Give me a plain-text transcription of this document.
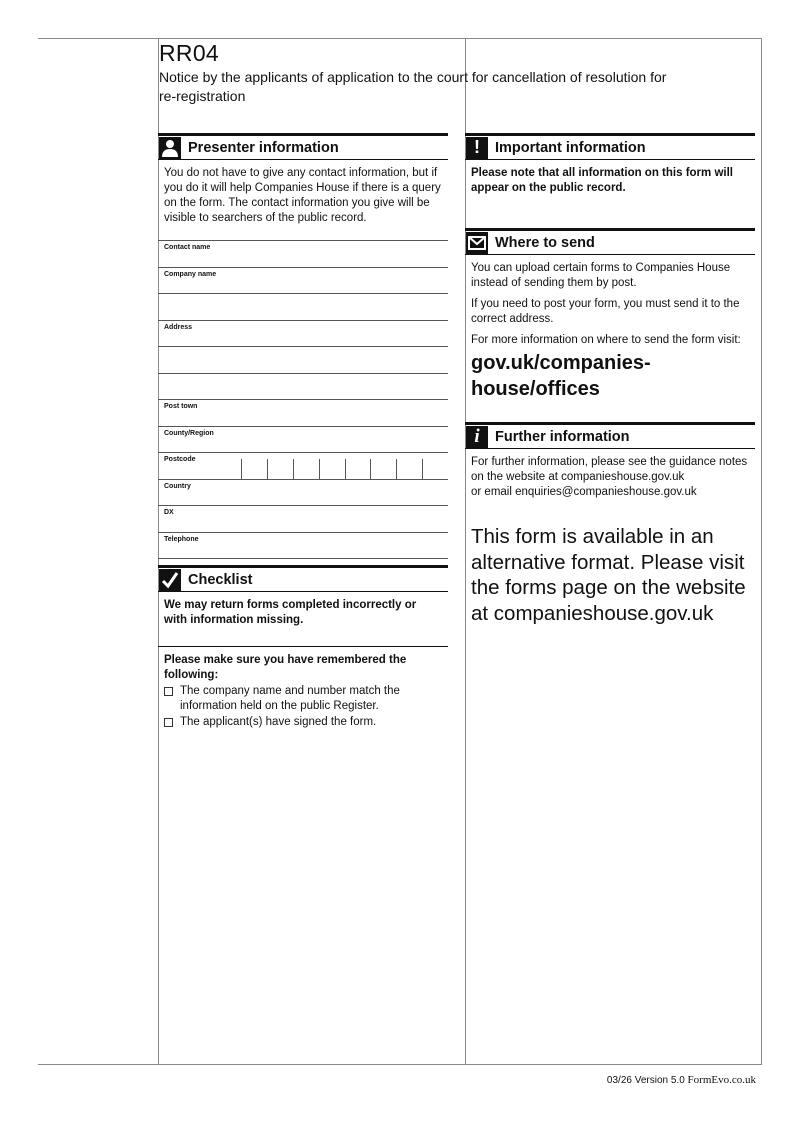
RR04
Notice by the applicants of application to the court for cancellation of resolution for re-registration
Presenter information
You do not have to give any contact information, but if you do it will help Companies House if there is a query on the form. The contact information you give will be visible to searchers of the public record.
Contact name
Company name
Address
Post town
County/Region
Postcode
Country
DX
Telephone
Checklist
We may return forms completed incorrectly or with information missing.
Please make sure you have remembered the following:
The company name and number match the information held on the public Register.
The applicant(s) have signed the form.
!	Important information
Please note that all information on this form will appear on the public record.
Where to send

You can upload certain forms to Companies House instead of sending them by post.

If you need to post your form, you must send it to the correct address.

For more information on where to send the form visit:

gov.uk/companies-house/offices

i	Further information
For further information, please see the guidance notes
on the website at companieshouse.gov.uk
or email enquiries@companieshouse.gov.uk
This form is available in an alternative format. Please visit the forms page on the website at companieshouse.gov.uk
03/26 Version 5.0 FormEvo.co.uk
